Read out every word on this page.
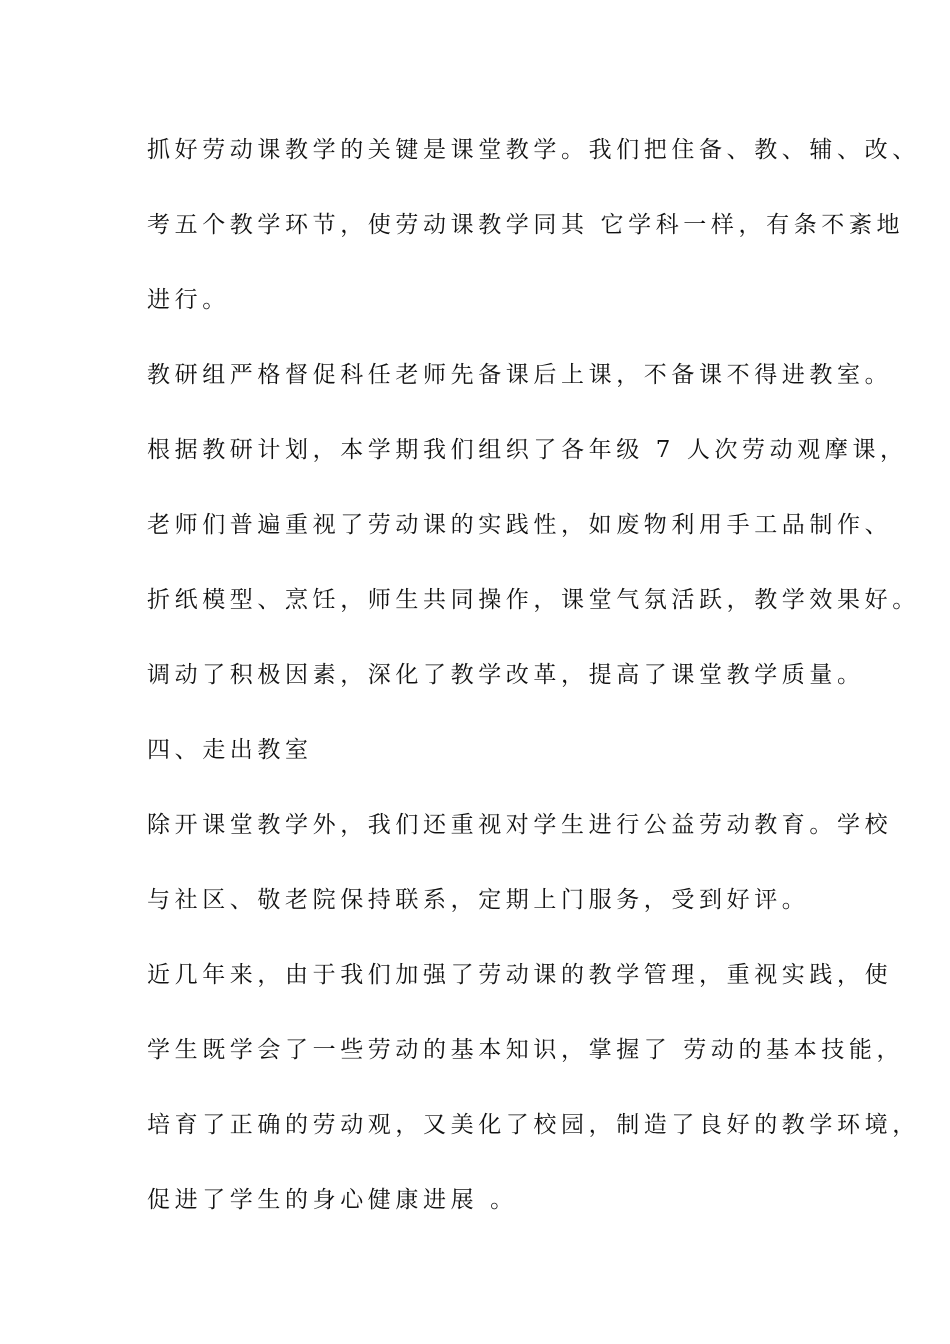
抓好劳动课教学的关键是课堂教学。我们把住备、教、辅、改、
考五个教学环节，使劳动课教学同其 它学科一样，有条不紊地
进行。
教研组严格督促科任老师先备课后上课，不备课不得进教室。
根据教研计划，本学期我们组织了各年级 7 人次劳动观摩课，
老师们普遍重视了劳动课的实践性，如废物利用手工品制作、
折纸模型、烹饪，师生共同操作，课堂气氛活跃，教学效果好。
调动了积极因素，深化了教学改革，提高了课堂教学质量。
四、走出教室
除开课堂教学外，我们还重视对学生进行公益劳动教育。学校
与社区、敬老院保持联系，定期上门服务，受到好评。
近几年来，由于我们加强了劳动课的教学管理，重视实践，使
学生既学会了一些劳动的基本知识，掌握了 劳动的基本技能，
培育了正确的劳动观，又美化了校园，制造了良好的教学环境，
促进了学生的身心健康进展 。
